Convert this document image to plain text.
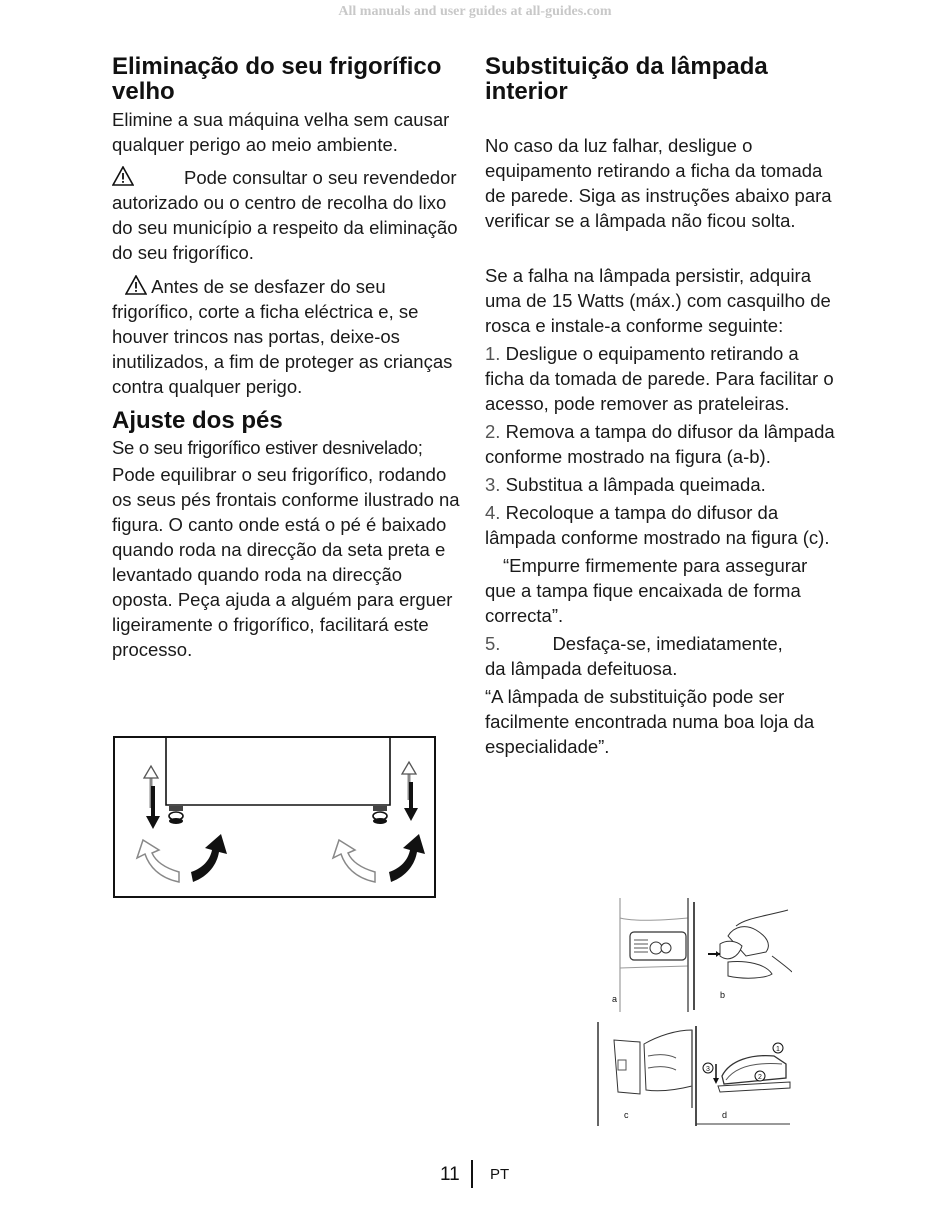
All manuals and user guides at all-guides.com
Eliminação do seu frigorífico velho

Elimine a sua máquina velha sem causar qualquer perigo ao meio ambiente.

Pode consultar o seu revendedor autorizado ou o centro de recolha do lixo do seu município a respeito da eliminação do seu frigorífico.

Antes de se desfazer do seu frigorífico, corte a ficha eléctrica e, se houver trincos nas portas, deixe-os inutilizados, a fim de proteger as crianças contra qualquer perigo.

Ajuste dos pés

Se o seu frigorífico estiver desnivelado;

Pode equilibrar o seu frigorífico, rodando os seus pés frontais conforme ilustrado na figura. O canto onde está o pé é baixado quando roda na direcção da seta preta e levantado quando roda na direcção oposta. Peça ajuda a alguém para erguer ligeiramente o frigorífico, facilitará este processo.

Substituição da lâmpada interior

No caso da luz falhar, desligue o equipamento retirando a ficha da tomada de parede. Siga as instruções abaixo para verificar se a lâmpada não ficou solta.

Se a falha na lâmpada persistir, adquira uma de 15 Watts (máx.) com casquilho de rosca e instale-a conforme seguinte:

1. Desligue o equipamento retirando a ficha da tomada de parede. Para facilitar o acesso, pode remover as prateleiras.

2. Remova a tampa do difusor da lâmpada conforme mostrado na figura (a-b).

3. Substitua a lâmpada queimada.

4. Recoloque a tampa do difusor da lâmpada conforme mostrado na figura (c).

“Empurre firmemente para assegurar que a tampa fique encaixada de forma correcta”.

5.	Desfaça-se, imediatamente,
da lâmpada defeituosa.

“A lâmpada de substituição pode ser facilmente encontrada numa boa loja da especialidade”.

a	b
c
1
2
3
d
11 PT
